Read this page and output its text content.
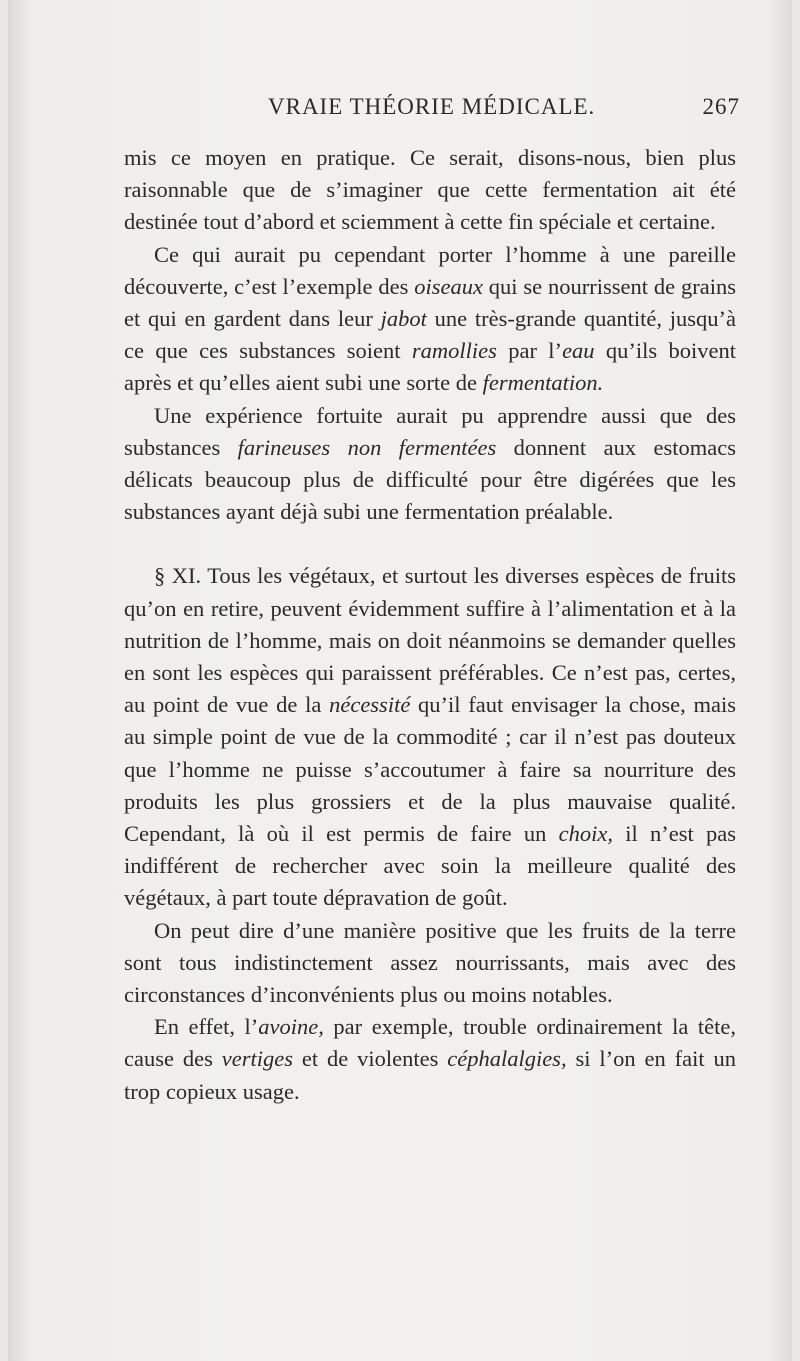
VRAIE THÉORIE MÉDICALE.	267

mis ce moyen en pratique. Ce serait, disons-nous, bien plus raisonnable que de s’imaginer que cette fermentation ait été destinée tout d’abord et sciemment à cette fin spéciale et certaine.

Ce qui aurait pu cependant porter l’homme à une pareille découverte, c’est l’exemple des oiseaux qui se nourrissent de grains et qui en gardent dans leur jabot une très-grande quantité, jusqu’à ce que ces substances soient ramollies par l’eau qu’ils boivent après et qu’elles aient subi une sorte de fermentation.

Une expérience fortuite aurait pu apprendre aussi que des substances farineuses non fermentées donnent aux estomacs délicats beaucoup plus de difficulté pour être digérées que les substances ayant déjà subi une fermentation préalable.

§ XI. Tous les végétaux, et surtout les diverses espèces de fruits qu’on en retire, peuvent évidemment suffire à l’alimentation et à la nutrition de l’homme, mais on doit néanmoins se demander quelles en sont les espèces qui paraissent préférables. Ce n’est pas, certes, au point de vue de la nécessité qu’il faut envisager la chose, mais au simple point de vue de la commodité ; car il n’est pas douteux que l’homme ne puisse s’accoutumer à faire sa nourriture des produits les plus grossiers et de la plus mauvaise qualité. Cependant, là où il est permis de faire un choix, il n’est pas indifférent de rechercher avec soin la meilleure qualité des végétaux, à part toute dépravation de goût.

On peut dire d’une manière positive que les fruits de la terre sont tous indistinctement assez nourrissants, mais avec des circonstances d’inconvénients plus ou moins notables.

En effet, l’avoine, par exemple, trouble ordinairement la tête, cause des vertiges et de violentes céphalalgies, si l’on en fait un trop copieux usage.
